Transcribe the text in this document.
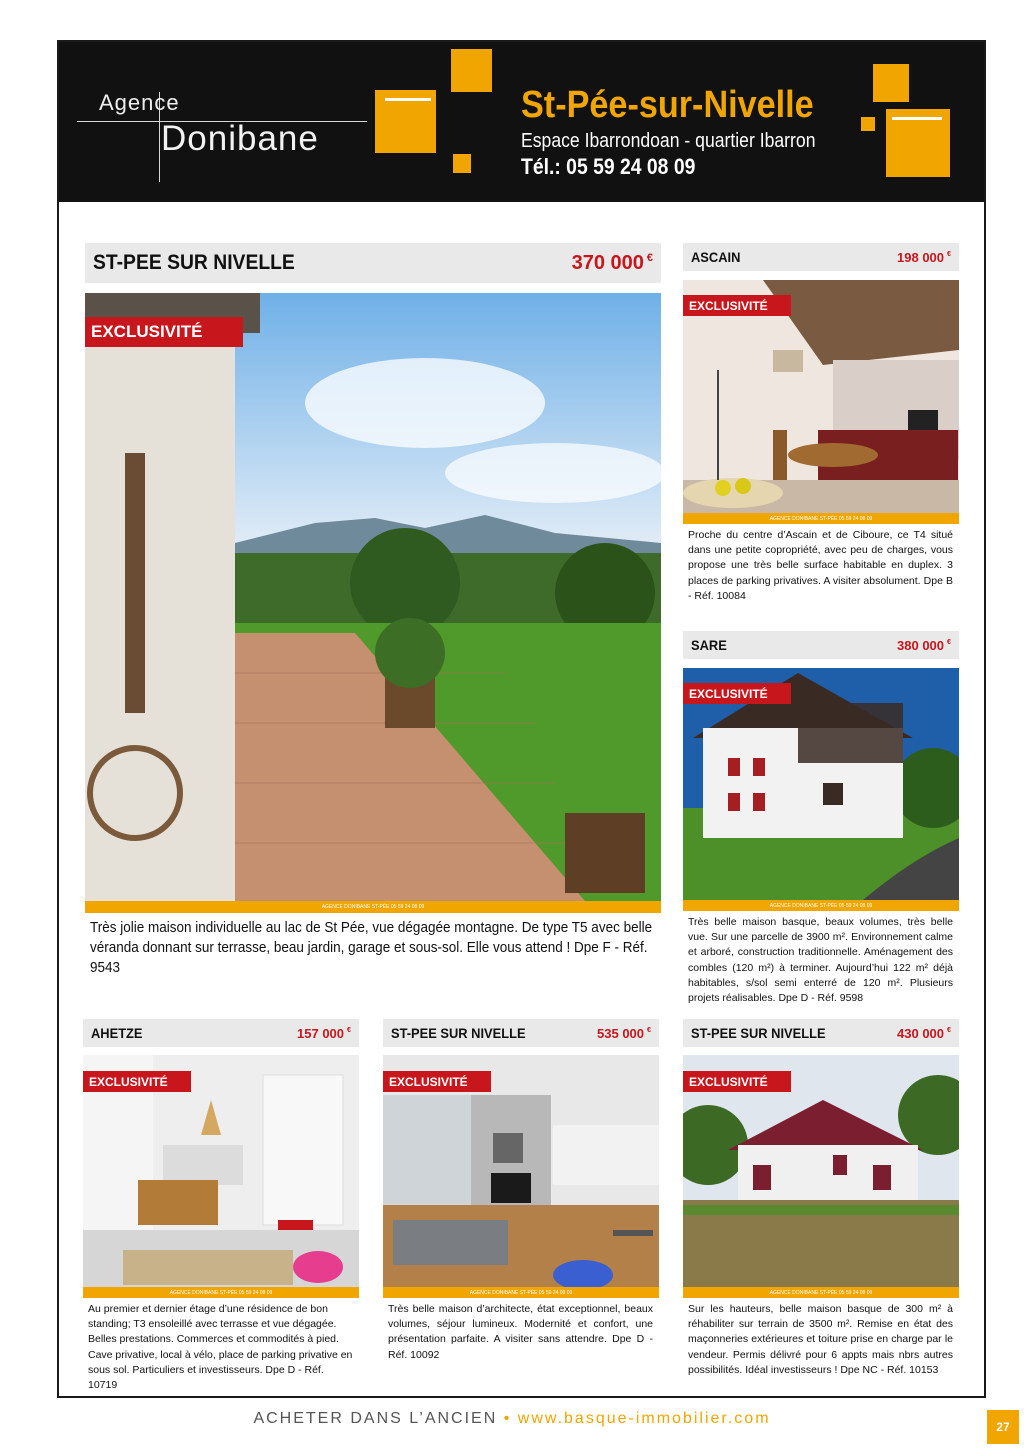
Agence
Donibane
St-Pée-sur-Nivelle
Espace Ibarrondoan - quartier Ibarron
Tél.: 05 59 24 08 09
ST-PEE SUR NIVELLE	370 000 €
EXCLUSIVITÉ
AGENCE DONIBANE ST-PÉE 05 59 24 08 09
Très jolie maison individuelle au lac de St Pée, vue dégagée montagne. De type T5 avec belle véranda donnant sur terrasse, beau jardin, garage et sous-sol. Elle vous attend ! Dpe F - Réf. 9543
ASCAIN	198 000 €
EXCLUSIVITÉ
AGENCE DONIBANE ST-PÉE 05 59 24 08 09
Proche du centre d’Ascain et de Ciboure, ce T4 situé dans une petite copropriété, avec peu de charges, vous propose une très belle surface habitable en duplex. 3 places de parking privatives. A visiter absolument. Dpe B - Réf. 10084
SARE	380 000 €
EXCLUSIVITÉ
AGENCE DONIBANE ST-PÉE 05 59 24 08 09
Très belle maison basque, beaux volumes, très belle vue. Sur une parcelle de 3900 m². Environnement calme et arboré, construction traditionnelle. Aménagement des combles (120 m²) à terminer. Aujourd’hui 122 m² déjà habitables, s/sol semi enterré de 120 m². Plusieurs projets réalisables. Dpe D - Réf. 9598
AHETZE	157 000 €
EXCLUSIVITÉ
AGENCE DONIBANE ST-PÉE 05 59 24 08 09
Au premier et dernier étage d’une résidence de bon standing; T3 ensoleillé avec terrasse et vue dégagée. Belles prestations. Commerces et commodités à pied. Cave privative, local à vélo, place de parking privative en sous sol. Particuliers et investisseurs. Dpe D - Réf. 10719
ST-PEE SUR NIVELLE	535 000 €
EXCLUSIVITÉ
AGENCE DONIBANE ST-PÉE 05 59 24 08 09
Très belle maison d’architecte, état exceptionnel, beaux volumes, séjour lumineux. Modernité et confort, une présentation parfaite. A visiter sans attendre. Dpe D - Réf. 10092
ST-PEE SUR NIVELLE	430 000 €
EXCLUSIVITÉ
AGENCE DONIBANE ST-PÉE 05 59 24 08 09
Sur les hauteurs, belle maison basque de 300 m² à réhabiliter sur terrain de 3500 m². Remise en état des maçonneries extérieures et toiture prise en charge par le vendeur. Permis délivré pour 6 appts mais nbrs autres possibilités. Idéal investisseurs ! Dpe NC - Réf. 10153
ACHETER DANS L’ANCIEN • www.basque-immobilier.com	27
